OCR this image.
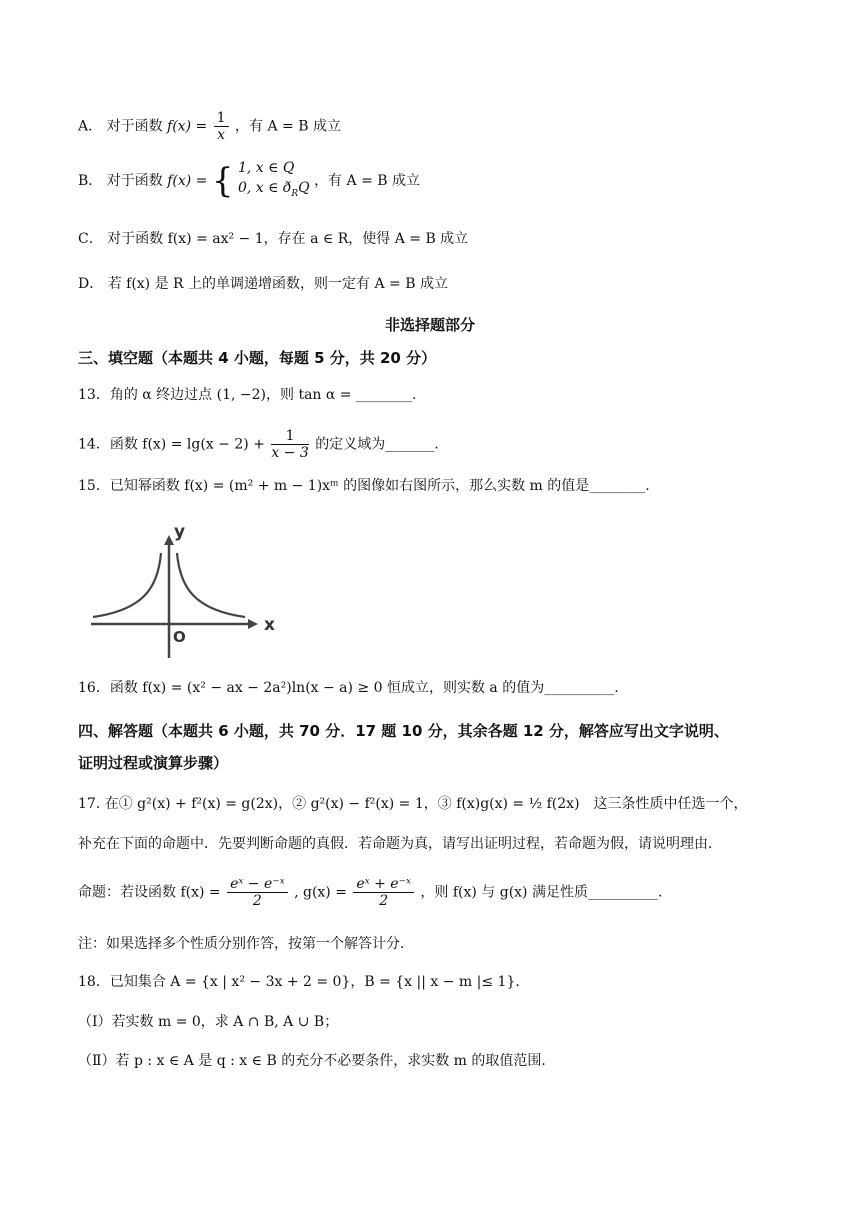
A． 对于函数 $f(x) = \frac{1}{x}$ ，有 A = B 成立
B． 对于函数 f(x) = { 1, x ∈ Q
0, x ∈ $ð_RQ$ ，有 A = B 成立
C． 对于函数 f(x) = ax² − 1，存在 a ∈ R，使得 A = B 成立
D． 若 f(x) 是 R 上的单调递增函数，则一定有 A = B 成立
非选择题部分
三、填空题（本题共 4 小题，每题 5 分，共 20 分）
13．角的 α 终边过点 (1, −2)，则 tan α = ________.
14．函数 $f(x) = \lg(x - 2) + \frac{1}{x - 3}$ 的定义域为_______.
15．已知幂函数 f(x) = (m² + m − 1)xᵐ 的图像如右图所示，那么实数 m 的值是________.
y
x
O
16．函数 f(x) = (x² − ax − 2a²)ln(x − a) ≥ 0 恒成立，则实数 a 的值为__________.
四、解答题（本题共 6 小题，共 70 分．17 题 10 分，其余各题 12 分，解答应写出文字说明、
证明过程或演算步骤）
17. 在① g²(x) + f²(x) = g(2x)，② g²(x) − f²(x) = 1，③ f(x)g(x) = ½ f(2x)　这三条性质中任选一个，
补充在下面的命题中．先要判断命题的真假．若命题为真，请写出证明过程，若命题为假，请说明理由．
命题：若设函数 $f(x) = \frac{\text{eˣ − e⁻ˣ}}{2}$ , $g(x) = \frac{\text{eˣ + e⁻ˣ}}{2}$ ，则 f(x) 与 g(x) 满足性质__________.
注：如果选择多个性质分别作答，按第一个解答计分．
18．已知集合 A = {x | x² − 3x + 2 = 0}，B = {x || x − m |≤ 1}．
（Ⅰ）若实数 m = 0，求 A ∩ B, A ∪ B；
（Ⅱ）若 p : x ∈ A 是 q : x ∈ B 的充分不必要条件，求实数 m 的取值范围．
